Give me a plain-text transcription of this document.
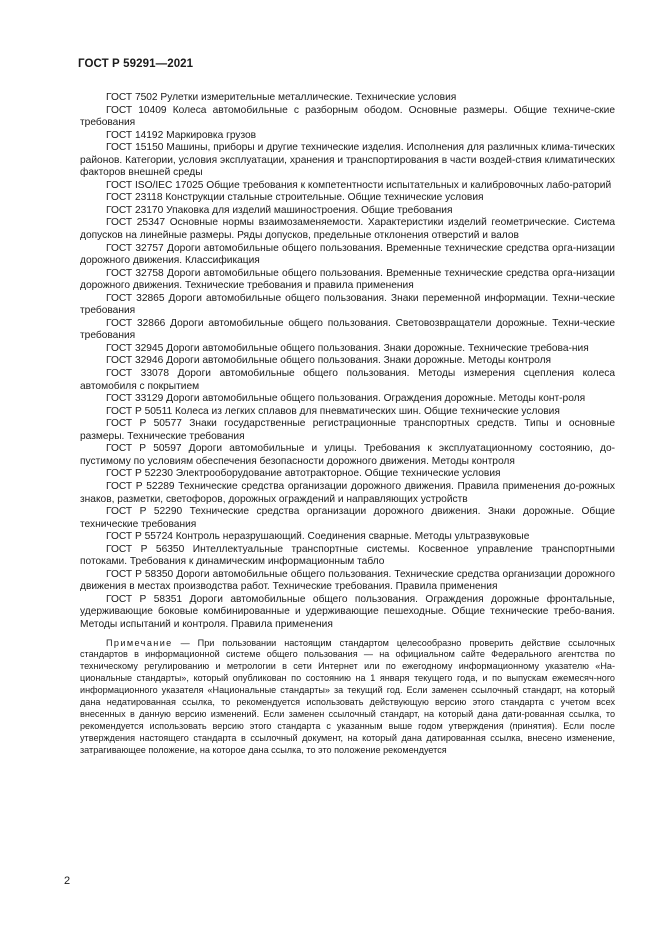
ГОСТ Р 59291—2021

ГОСТ 7502 Рулетки измерительные металлические. Технические условия

ГОСТ 10409 Колеса автомобильные с разборным ободом. Основные размеры. Общие техниче-ские требования

ГОСТ 14192 Маркировка грузов

ГОСТ 15150 Машины, приборы и другие технические изделия. Исполнения для различных клима-тических районов. Категории, условия эксплуатации, хранения и транспортирования в части воздей-ствия климатических факторов внешней среды

ГОСТ ISO/IEC 17025 Общие требования к компетентности испытательных и калибровочных лабо-раторий

ГОСТ 23118 Конструкции стальные строительные. Общие технические условия

ГОСТ 23170 Упаковка для изделий машиностроения. Общие требования

ГОСТ 25347 Основные нормы взаимозаменяемости. Характеристики изделий геометрические. Система допусков на линейные размеры. Ряды допусков, предельные отклонения отверстий и валов

ГОСТ 32757 Дороги автомобильные общего пользования. Временные технические средства орга-низации дорожного движения. Классификация

ГОСТ 32758 Дороги автомобильные общего пользования. Временные технические средства орга-низации дорожного движения. Технические требования и правила применения

ГОСТ 32865 Дороги автомобильные общего пользования. Знаки переменной информации. Техни-ческие требования

ГОСТ 32866 Дороги автомобильные общего пользования. Световозвращатели дорожные. Техни-ческие требования

ГОСТ 32945 Дороги автомобильные общего пользования. Знаки дорожные. Технические требова-ния

ГОСТ 32946 Дороги автомобильные общего пользования. Знаки дорожные. Методы контроля

ГОСТ 33078 Дороги автомобильные общего пользования. Методы измерения сцепления колеса автомобиля с покрытием

ГОСТ 33129 Дороги автомобильные общего пользования. Ограждения дорожные. Методы конт-роля

ГОСТ Р 50511 Колеса из легких сплавов для пневматических шин. Общие технические условия

ГОСТ Р 50577 Знаки государственные регистрационные транспортных средств. Типы и основные размеры. Технические требования

ГОСТ Р 50597 Дороги автомобильные и улицы. Требования к эксплуатационному состоянию, до-пустимому по условиям обеспечения безопасности дорожного движения. Методы контроля

ГОСТ Р 52230 Электрооборудование автотракторное. Общие технические условия

ГОСТ Р 52289 Технические средства организации дорожного движения. Правила применения до-рожных знаков, разметки, светофоров, дорожных ограждений и направляющих устройств

ГОСТ Р 52290 Технические средства организации дорожного движения. Знаки дорожные. Общие технические требования

ГОСТ Р 55724 Контроль неразрушающий. Соединения сварные. Методы ультразвуковые

ГОСТ Р 56350 Интеллектуальные транспортные системы. Косвенное управление транспортными потоками. Требования к динамическим информационным табло

ГОСТ Р 58350 Дороги автомобильные общего пользования. Технические средства организации дорожного движения в местах производства работ. Технические требования. Правила применения

ГОСТ Р 58351 Дороги автомобильные общего пользования. Ограждения дорожные фронтальные, удерживающие боковые комбинированные и удерживающие пешеходные. Общие технические требо-вания. Методы испытаний и контроля. Правила применения

Примечание — При пользовании настоящим стандартом целесообразно проверить действие ссылочных стандартов в информационной системе общего пользования — на официальном сайте Федерального агентства по техническому регулированию и метрологии в сети Интернет или по ежегодному информационному указателю «На-циональные стандарты», который опубликован по состоянию на 1 января текущего года, и по выпускам ежемесяч-ного информационного указателя «Национальные стандарты» за текущий год. Если заменен ссылочный стандарт, на который дана недатированная ссылка, то рекомендуется использовать действующую версию этого стандарта с учетом всех внесенных в данную версию изменений. Если заменен ссылочный стандарт, на который дана дати-рованная ссылка, то рекомендуется использовать версию этого стандарта с указанным выше годом утверждения (принятия). Если после утверждения настоящего стандарта в ссылочный документ, на который дана датированная ссылка, внесено изменение, затрагивающее положение, на которое дана ссылка, то это положение рекомендуется

2
